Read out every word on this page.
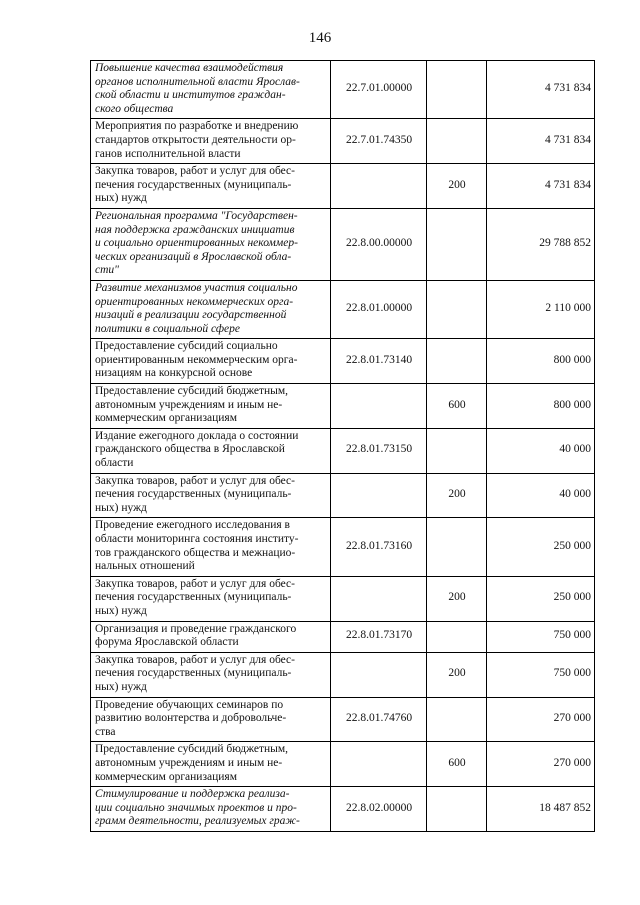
146
Повышение качества взаимодействия
органов исполнительной власти Ярослав-
ской области и институтов граждан-
ского общества	22.7.01.00000		4 731 834
Мероприятия по разработке и внедрению
стандартов открытости деятельности ор-
ганов исполнительной власти	22.7.01.74350		4 731 834
Закупка товаров, работ и услуг для обес-
печения государственных (муниципаль-
ных) нужд		200	4 731 834
Региональная программа "Государствен-
ная поддержка гражданских инициатив
и социально ориентированных некоммер-
ческих организаций в Ярославской обла-
сти"	22.8.00.00000		29 788 852
Развитие механизмов участия социально
ориентированных некоммерческих орга-
низаций в реализации государственной
политики в социальной сфере	22.8.01.00000		2 110 000
Предоставление субсидий социально
ориентированным некоммерческим орга-
низациям на конкурсной основе	22.8.01.73140		800 000
Предоставление субсидий бюджетным,
автономным учреждениям и иным не-
коммерческим организациям		600	800 000
Издание ежегодного доклада о состоянии
гражданского общества в Ярославской
области	22.8.01.73150		40 000
Закупка товаров, работ и услуг для обес-
печения государственных (муниципаль-
ных) нужд		200	40 000
Проведение ежегодного исследования в
области мониторинга состояния институ-
тов гражданского общества и межнацио-
нальных отношений	22.8.01.73160		250 000
Закупка товаров, работ и услуг для обес-
печения государственных (муниципаль-
ных) нужд		200	250 000
Организация и проведение гражданского
форума Ярославской области	22.8.01.73170		750 000
Закупка товаров, работ и услуг для обес-
печения государственных (муниципаль-
ных) нужд		200	750 000
Проведение обучающих семинаров по
развитию волонтерства и добровольче-
ства	22.8.01.74760		270 000
Предоставление субсидий бюджетным,
автономным учреждениям и иным не-
коммерческим организациям		600	270 000
Стимулирование и поддержка реализа-
ции социально значимых проектов и про-
грамм деятельности, реализуемых граж-	22.8.02.00000		18 487 852
